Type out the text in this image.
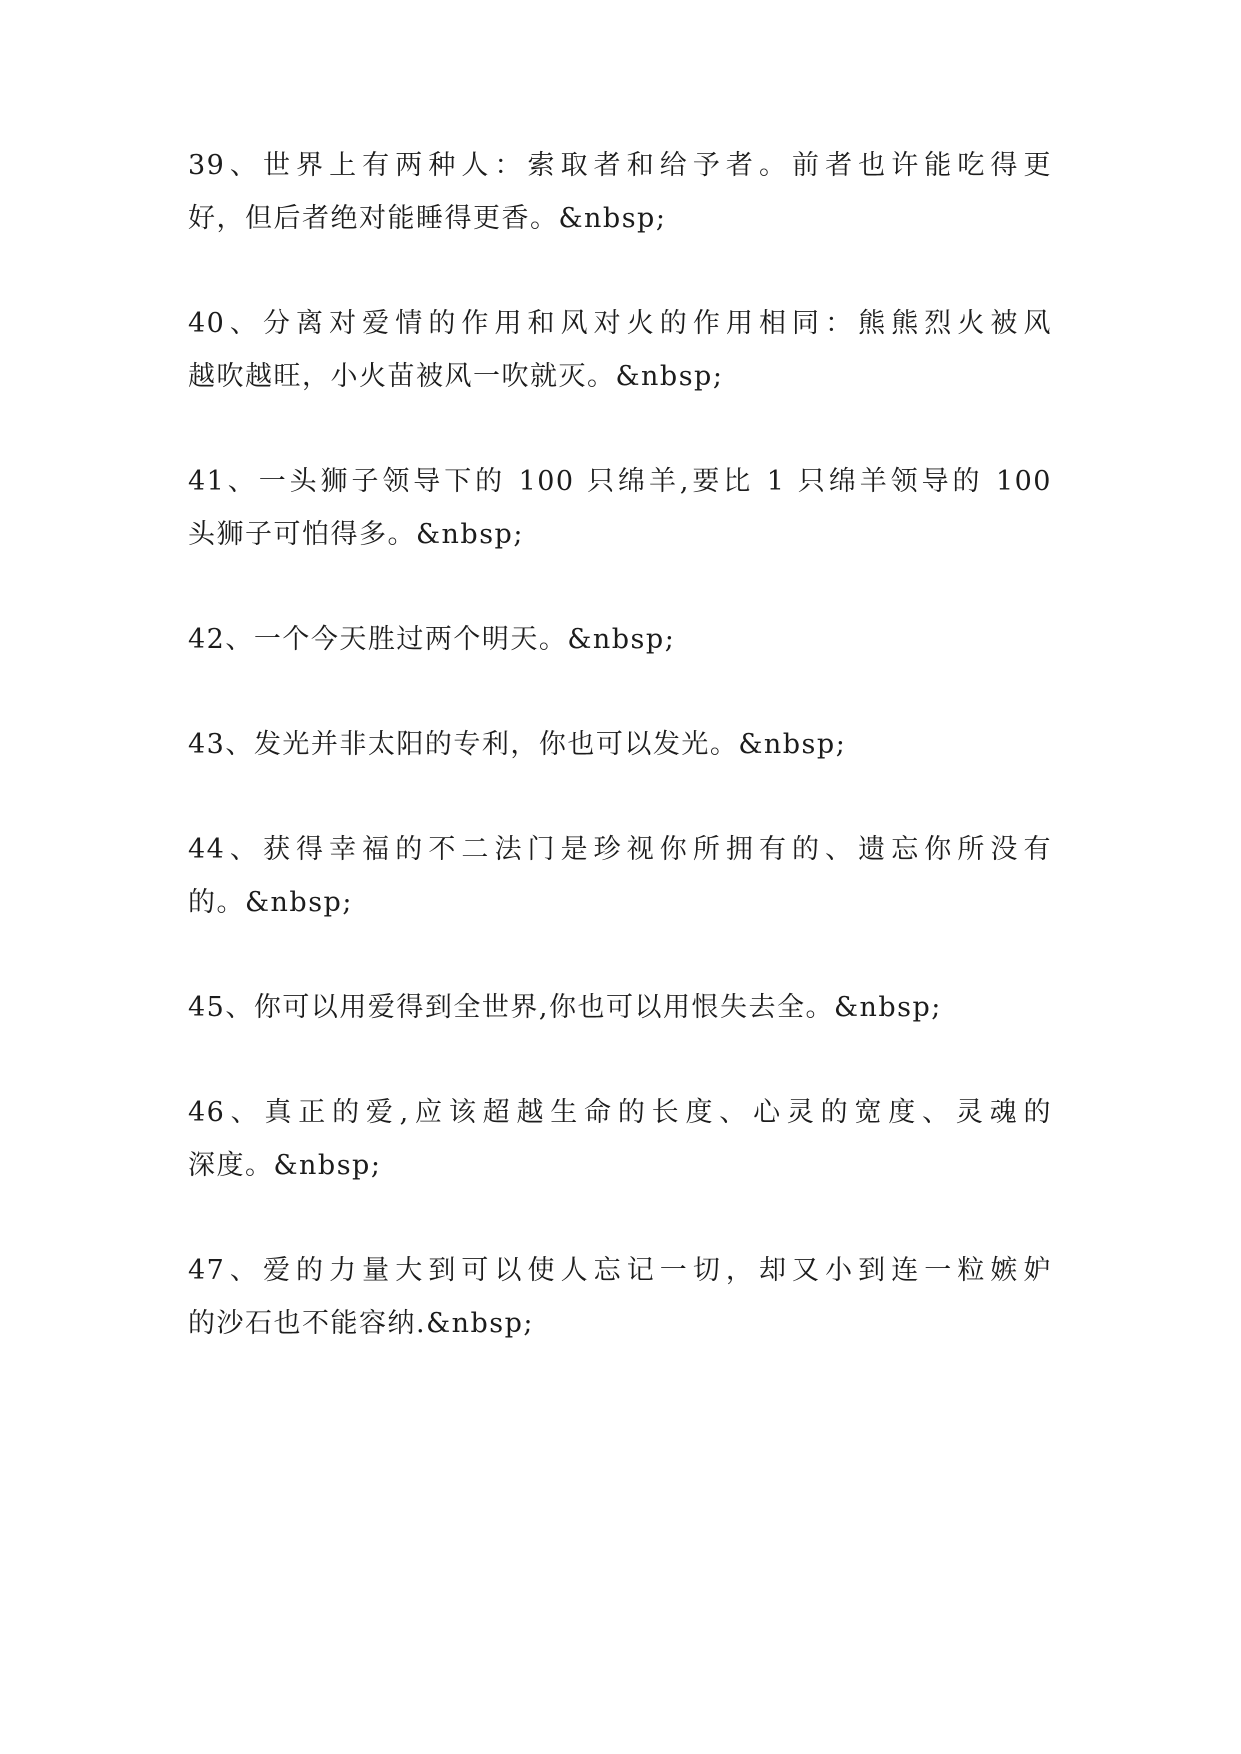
39、世界上有两种人：索取者和给予者。前者也许能吃得更
好，但后者绝对能睡得更香。&nbsp;
40、分离对爱情的作用和风对火的作用相同：熊熊烈火被风
越吹越旺，小火苗被风一吹就灭。&nbsp;
41、一头狮子领导下的 100 只绵羊,要比 1 只绵羊领导的 100
头狮子可怕得多。&nbsp;
42、一个今天胜过两个明天。&nbsp;
43、发光并非太阳的专利，你也可以发光。&nbsp;
44、获得幸福的不二法门是珍视你所拥有的、遗忘你所没有
的。&nbsp;
45、你可以用爱得到全世界,你也可以用恨失去全。&nbsp;
46、真正的爱,应该超越生命的长度、心灵的宽度、灵魂的
深度。&nbsp;
47、爱的力量大到可以使人忘记一切，却又小到连一粒嫉妒
的沙石也不能容纳.&nbsp;
